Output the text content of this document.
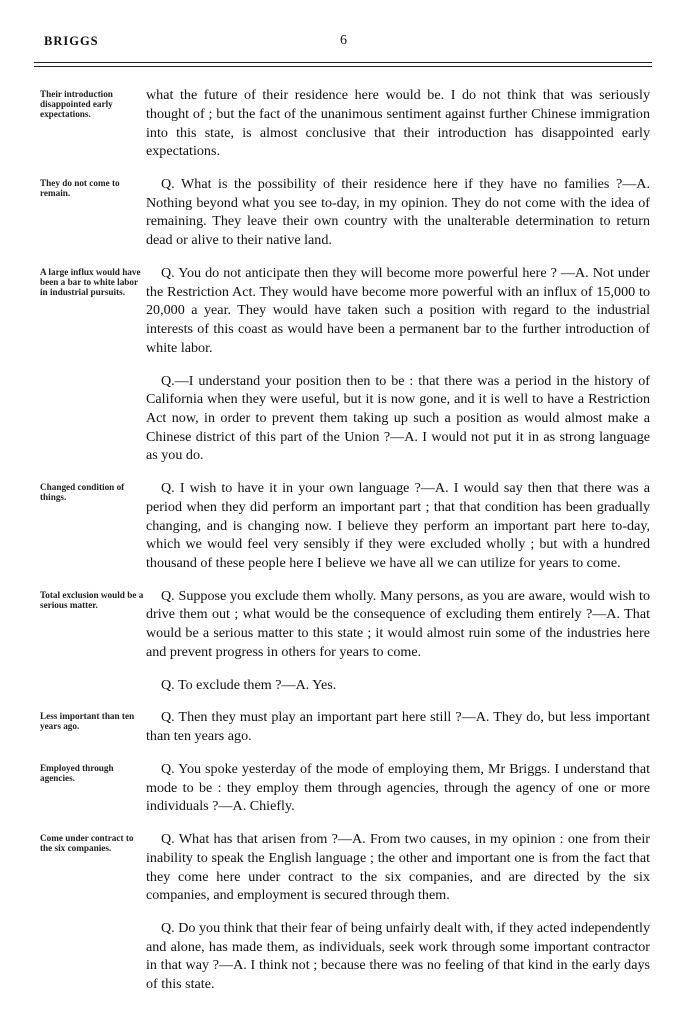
BRIGGS	6
Their introduction disappointed early expectations.

what the future of their residence here would be. I do not think that was seriously thought of ; but the fact of the unanimous sentiment against further Chinese immigration into this state, is almost conclusive that their introduction has disappointed early expectations.

They do not come to remain.

Q. What is the possibility of their residence here if they have no families ?—A. Nothing beyond what you see to-day, in my opinion. They do not come with the idea of remaining. They leave their own country with the unalterable determination to return dead or alive to their native land.

A large influx would have been a bar to white labor in industrial pursuits.

Q. You do not anticipate then they will become more powerful here ? —A. Not under the Restriction Act. They would have become more powerful with an influx of 15,000 to 20,000 a year. They would have taken such a position with regard to the industrial interests of this coast as would have been a permanent bar to the further introduction of white labor.

Q.—I understand your position then to be : that there was a period in the history of California when they were useful, but it is now gone, and it is well to have a Restriction Act now, in order to prevent them taking up such a position as would almost make a Chinese district of this part of the Union ?—A. I would not put it in as strong language as you do.

Changed condition of things.

Q. I wish to have it in your own language ?—A. I would say then that there was a period when they did perform an important part ; that that condition has been gradually changing, and is changing now. I believe they perform an important part here to-day, which we would feel very sensibly if they were excluded wholly ; but with a hundred thousand of these people here I believe we have all we can utilize for years to come.

Total exclusion would be a serious matter.

Q. Suppose you exclude them wholly. Many persons, as you are aware, would wish to drive them out ; what would be the consequence of excluding them entirely ?—A. That would be a serious matter to this state ; it would almost ruin some of the industries here and prevent progress in others for years to come.

Q. To exclude them ?—A. Yes.

Less important than ten years ago.

Q. Then they must play an important part here still ?—A. They do, but less important than ten years ago.

Employed through agencies.

Q. You spoke yesterday of the mode of employing them, Mr Briggs. I understand that mode to be : they employ them through agencies, through the agency of one or more individuals ?—A. Chiefly.

Come under contract to the six companies.

Q. What has that arisen from ?—A. From two causes, in my opinion : one from their inability to speak the English language ; the other and important one is from the fact that they come here under contract to the six companies, and are directed by the six companies, and employment is secured through them.

Q. Do you think that their fear of being unfairly dealt with, if they acted independently and alone, has made them, as individuals, seek work through some important contractor in that way ?—A. I think not ; because there was no feeling of that kind in the early days of this state.
